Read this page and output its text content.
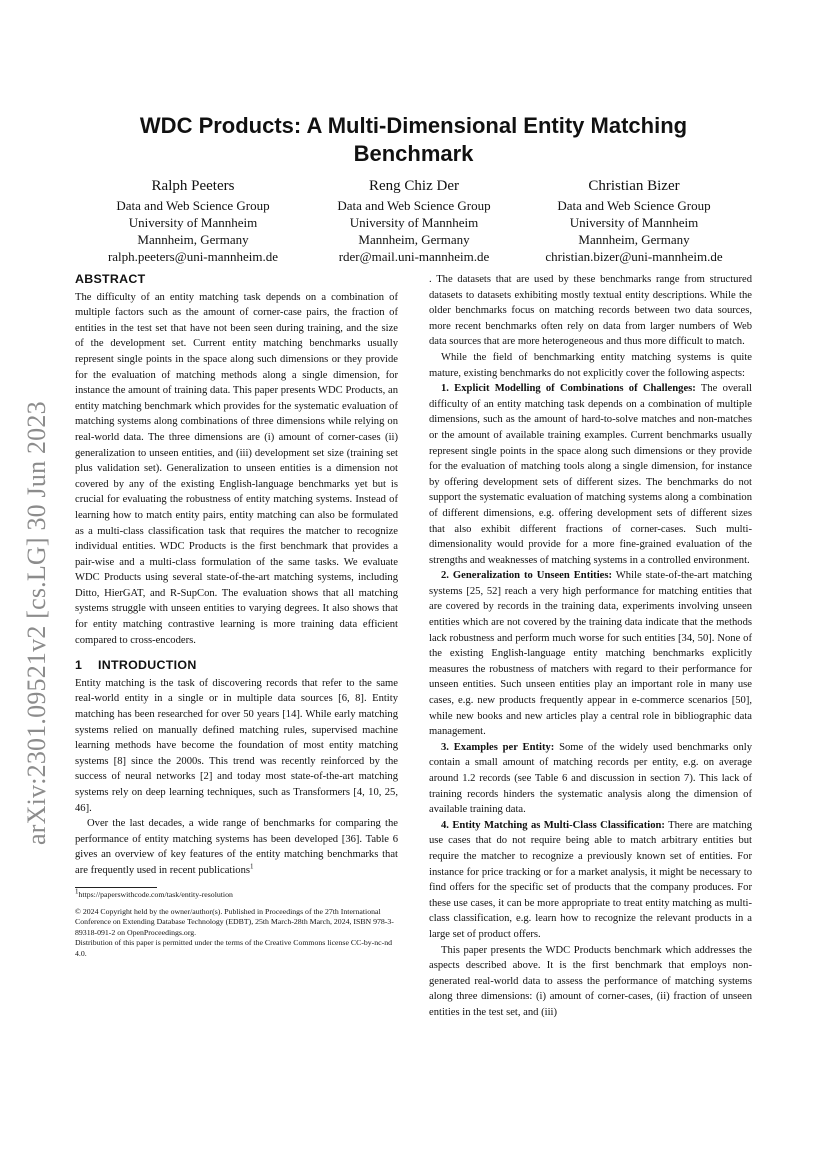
arXiv:2301.09521v2 [cs.LG] 30 Jun 2023
WDC Products: A Multi-Dimensional Entity Matching Benchmark
Ralph Peeters
Data and Web Science Group
University of Mannheim
Mannheim, Germany
ralph.peeters@uni-mannheim.de
Reng Chiz Der
Data and Web Science Group
University of Mannheim
Mannheim, Germany
rder@mail.uni-mannheim.de
Christian Bizer
Data and Web Science Group
University of Mannheim
Mannheim, Germany
christian.bizer@uni-mannheim.de
ABSTRACT

The difficulty of an entity matching task depends on a combination of multiple factors such as the amount of corner-case pairs, the fraction of entities in the test set that have not been seen during training, and the size of the development set. Current entity matching benchmarks usually represent single points in the space along such dimensions or they provide for the evaluation of matching methods along a single dimension, for instance the amount of training data. This paper presents WDC Products, an entity matching benchmark which provides for the systematic evaluation of matching systems along combinations of three dimensions while relying on real-world data. The three dimensions are (i) amount of corner-cases (ii) generalization to unseen entities, and (iii) development set size (training set plus validation set). Generalization to unseen entities is a dimension not covered by any of the existing English-language benchmarks yet but is crucial for evaluating the robustness of entity matching systems. Instead of learning how to match entity pairs, entity matching can also be formulated as a multi-class classification task that requires the matcher to recognize individual entities. WDC Products is the first benchmark that provides a pair-wise and a multi-class formulation of the same tasks. We evaluate WDC Products using several state-of-the-art matching systems, including Ditto, HierGAT, and R-SupCon. The evaluation shows that all matching systems struggle with unseen entities to varying degrees. It also shows that for entity matching contrastive learning is more training data efficient compared to cross-encoders.

1 INTRODUCTION

Entity matching is the task of discovering records that refer to the same real-world entity in a single or in multiple data sources [6, 8]. Entity matching has been researched for over 50 years [14]. While early matching systems relied on manually defined matching rules, supervised machine learning methods have become the foundation of most entity matching systems [8] since the 2000s. This trend was recently reinforced by the success of neural networks [2] and today most state-of-the-art matching systems rely on deep learning techniques, such as Transformers [4, 10, 25, 46].

Over the last decades, a wide range of benchmarks for comparing the performance of entity matching systems has been developed [36]. Table 6 gives an overview of key features of the entity matching benchmarks that are frequently used in recent publications$^1$

$^1$https://paperswithcode.com/task/entity-resolution

© 2024 Copyright held by the owner/author(s). Published in Proceedings of the 27th International Conference on Extending Database Technology (EDBT), 25th March-28th March, 2024, ISBN 978-3-89318-091-2 on OpenProceedings.org.

Distribution of this paper is permitted under the terms of the Creative Commons license CC-by-nc-nd 4.0.

. The datasets that are used by these benchmarks range from structured datasets to datasets exhibiting mostly textual entity descriptions. While the older benchmarks focus on matching records between two data sources, more recent benchmarks often rely on data from larger numbers of Web data sources that are more heterogeneous and thus more difficult to match.

While the field of benchmarking entity matching systems is quite mature, existing benchmarks do not explicitly cover the following aspects:

1. Explicit Modelling of Combinations of Challenges: The overall difficulty of an entity matching task depends on a combination of multiple dimensions, such as the amount of hard-to-solve matches and non-matches or the amount of available training examples. Current benchmarks usually represent single points in the space along such dimensions or they provide for the evaluation of matching tools along a single dimension, for instance by offering development sets of different sizes. The benchmarks do not support the systematic evaluation of matching systems along a combination of different dimensions, e.g. offering development sets of different sizes that also exhibit different fractions of corner-cases. Such multi-dimensionality would provide for a more fine-grained evaluation of the strengths and weaknesses of matching systems in a controlled environment.

2. Generalization to Unseen Entities: While state-of-the-art matching systems [25, 52] reach a very high performance for matching entities that are covered by records in the training data, experiments involving unseen entities which are not covered by the training data indicate that the methods lack robustness and perform much worse for such entities [34, 50]. None of the existing English-language entity matching benchmarks explicitly measures the robustness of matchers with regard to their performance for unseen entities. Such unseen entities play an important role in many use cases, e.g. new products frequently appear in e-commerce scenarios [50], while new books and new articles play a central role in bibliographic data management.

3. Examples per Entity: Some of the widely used benchmarks only contain a small amount of matching records per entity, e.g. on average around 1.2 records (see Table 6 and discussion in section 7). This lack of training records hinders the systematic analysis along the dimension of available training data.

4. Entity Matching as Multi-Class Classification: There are matching use cases that do not require being able to match arbitrary entities but require the matcher to recognize a previously known set of entities. For instance for price tracking or for a market analysis, it might be necessary to find offers for the specific set of products that the company produces. For these use cases, it can be more appropriate to treat entity matching as multi-class classification, e.g. learn how to recognize the relevant products in a large set of product offers.

This paper presents the WDC Products benchmark which addresses the aspects described above. It is the first benchmark that employs non-generated real-world data to assess the performance of matching systems along three dimensions: (i) amount of corner-cases, (ii) fraction of unseen entities in the test set, and (iii)
